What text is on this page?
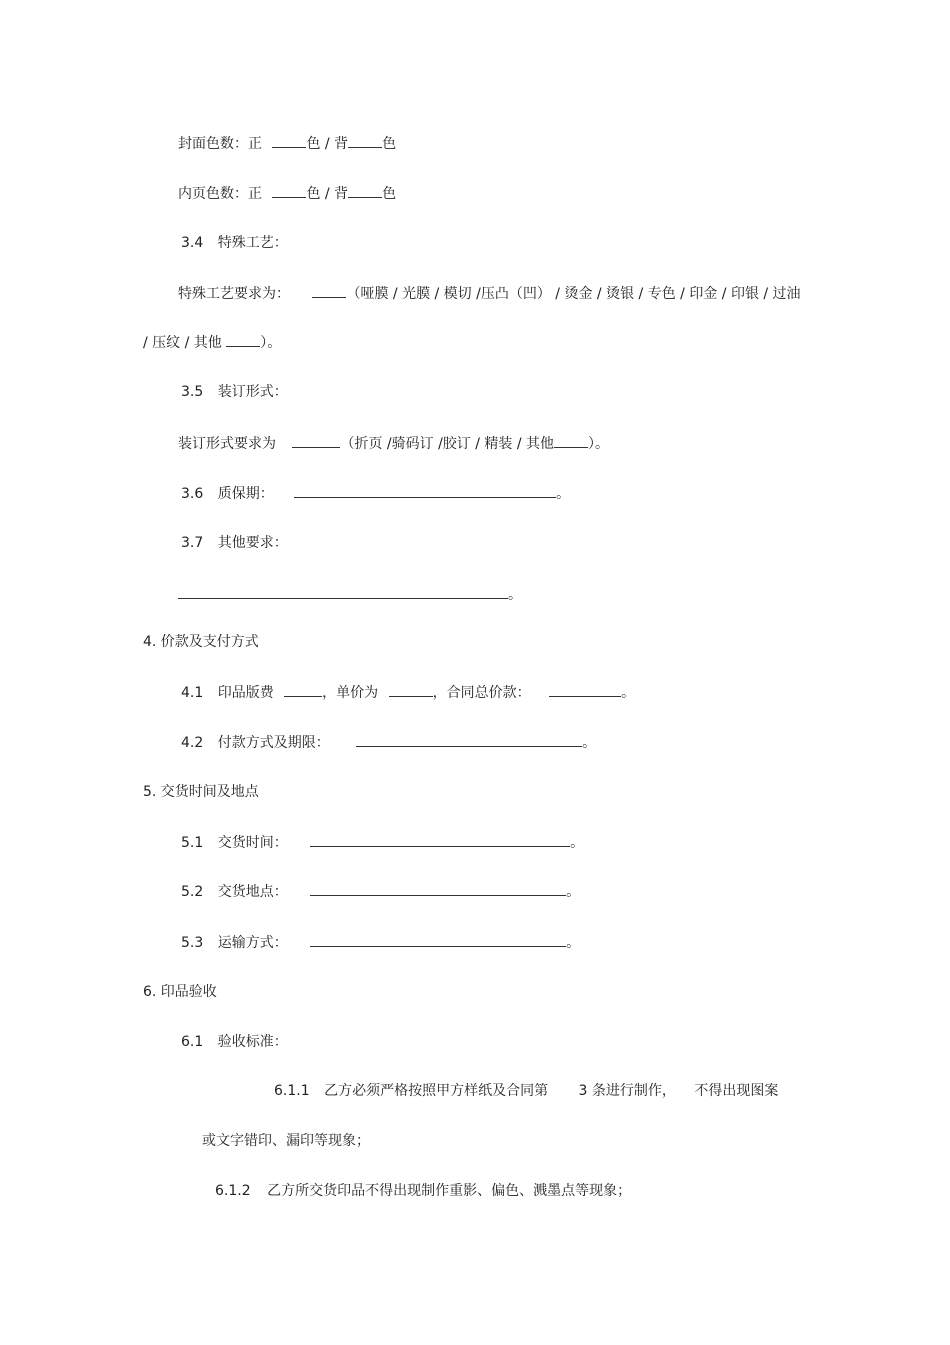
封面色数：正	色 / 背 色
内页色数：正	色 / 背 色
3.4 特殊工艺：
特殊工艺要求为：	（哑膜 / 光膜 / 模切 /压凸（凹） / 烫金 / 烫银 / 专色 / 印金 / 印银 / 过油
/ 压纹 / 其他	）。
3.5 装订形式：
装订形式要求为	（折页 /骑码订 /胶订 / 精装 / 其他 ）。
3.6 质保期：	。
3.7 其他要求：
。
4. 价款及支付方式
4.1 印品版费	，单价为	，合同总价款：	。
4.2 付款方式及期限：	。
5. 交货时间及地点
5.1 交货时间：	。
5.2 交货地点：	。
5.3 运输方式：	。
6. 印品验收
6.1 验收标准：
6.1.1 乙方必须严格按照甲方样纸及合同第 3 条进行制作， 不得出现图案
或文字错印、漏印等现象；
6.1.2 乙方所交货印品不得出现制作重影、偏色、溅墨点等现象；
